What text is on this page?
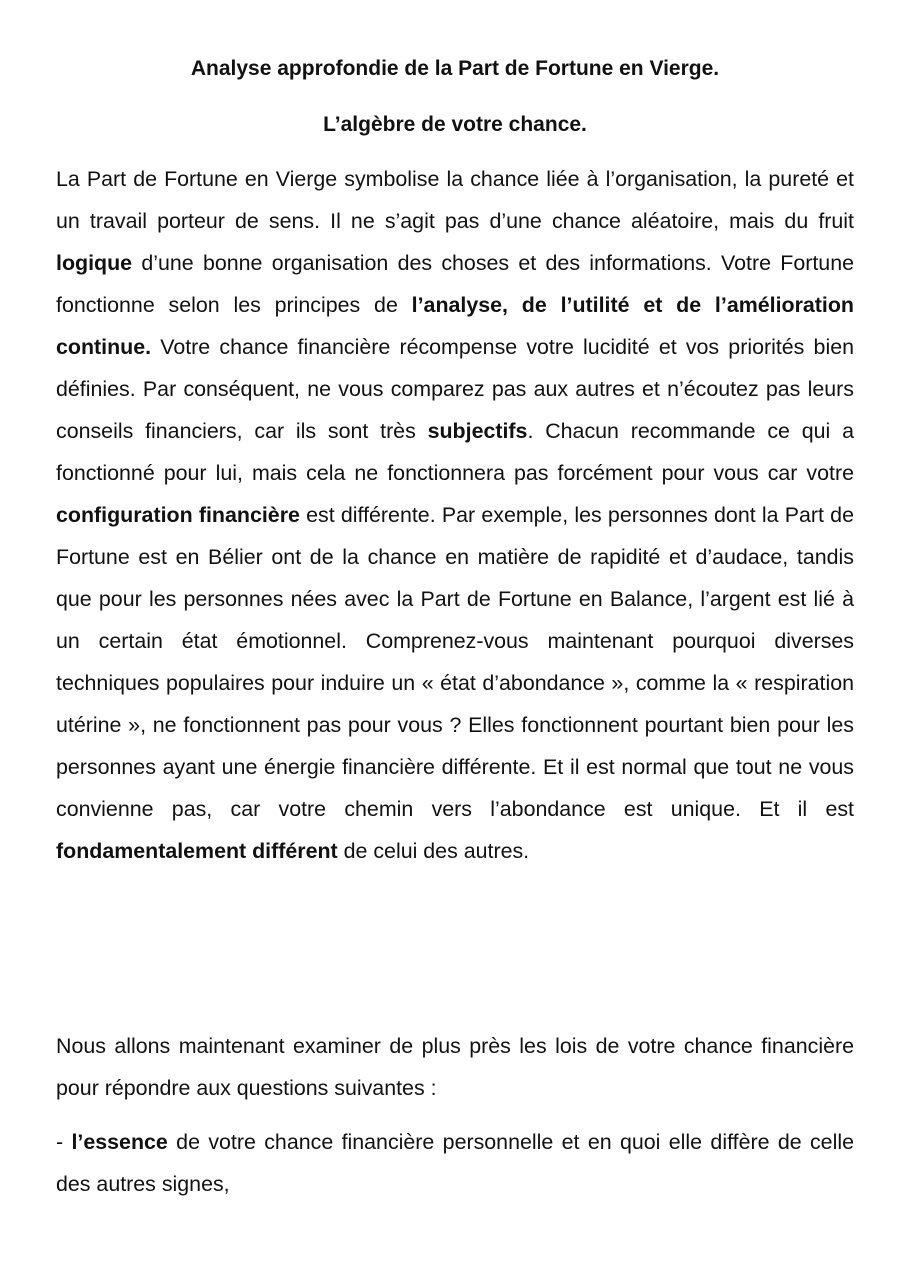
Analyse approfondie de la Part de Fortune en Vierge.

L’algèbre de votre chance.

La Part de Fortune en Vierge symbolise la chance liée à l’organisation, la pureté et un travail porteur de sens. Il ne s’agit pas d’une chance aléatoire, mais du fruit logique d’une bonne organisation des choses et des informations. Votre Fortune fonctionne selon les principes de l’analyse, de l’utilité et de l’amélioration continue. Votre chance financière récompense votre lucidité et vos priorités bien définies. Par conséquent, ne vous comparez pas aux autres et n’écoutez pas leurs conseils financiers, car ils sont très subjectifs. Chacun recommande ce qui a fonctionné pour lui, mais cela ne fonctionnera pas forcément pour vous car votre configuration financière est différente. Par exemple, les personnes dont la Part de Fortune est en Bélier ont de la chance en matière de rapidité et d’audace, tandis que pour les personnes nées avec la Part de Fortune en Balance, l’argent est lié à un certain état émotionnel. Comprenez-vous maintenant pourquoi diverses techniques populaires pour induire un « état d’abondance », comme la « respiration utérine », ne fonctionnent pas pour vous ? Elles fonctionnent pourtant bien pour les personnes ayant une énergie financière différente. Et il est normal que tout ne vous convienne pas, car votre chemin vers l’abondance est unique. Et il est fondamentalement différent de celui des autres.

Nous allons maintenant examiner de plus près les lois de votre chance financière pour répondre aux questions suivantes :

- l’essence de votre chance financière personnelle et en quoi elle diffère de celle des autres signes,
